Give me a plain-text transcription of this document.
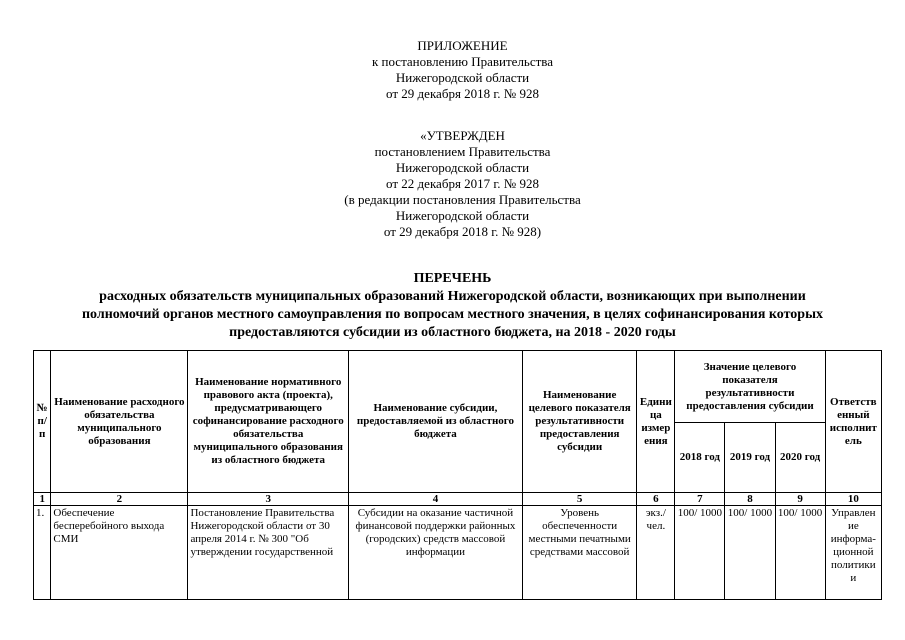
ПРИЛОЖЕНИЕ
к постановлению Правительства
Нижегородской области
от 29 декабря 2018 г. № 928
«УТВЕРЖДЕН
постановлением Правительства
Нижегородской области
от 22 декабря 2017 г. № 928
(в редакции постановления Правительства
Нижегородской области
от 29 декабря 2018 г. № 928)
ПЕРЕЧЕНЬ
расходных обязательств муниципальных образований Нижегородской области, возникающих при выполнении
полномочий органов местного самоуправления по вопросам местного значения, в целях софинансирования которых
предоставляются субсидии из областного бюджета, на 2018 - 2020 годы
№ п/п	Наименование расходного обязательства муниципального образования	Наименование нормативного правового акта (проекта), предусматривающего софинансирование расходного обязательства муниципального образования из областного бюджета	Наименование субсидии, предоставляемой из областного бюджета	Наименование целевого показателя результативности предоставления субсидии	Едини ца измер ения	Значение целевого показателя результативности предоставления субсидии			Ответств енный исполнит ель
						2018 год	2019 год	2020 год	
1	2	3	4	5	6	7	8	9	10
1.	Обеспечение бесперебойного выхода СМИ	Постановление Правительства Нижегородской области от 30 апреля 2014 г. № 300 "Об утверждении государственной	Субсидии на оказание частичной финансовой поддержки районных (городских) средств массовой информации	Уровень обеспеченности местными печатными средствами массовой	экз./ чел.	100/ 1000	100/ 1000	100/ 1000	Управлен ие информа- ционной политики и
